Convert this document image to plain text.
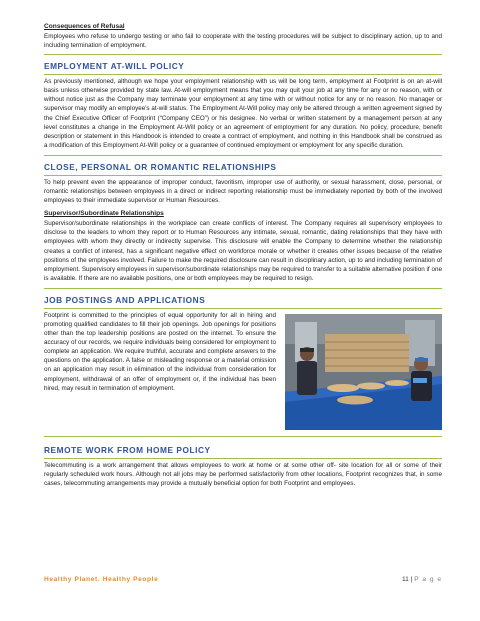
Consequences of Refusal

Employees who refuse to undergo testing or who fail to cooperate with the testing procedures will be subject to disciplinary action, up to and including termination of employment.

EMPLOYMENT AT-WILL POLICY

As previously mentioned, although we hope your employment relationship with us will be long term, employment at Footprint is on an at-will basis unless otherwise provided by state law. At-will employment means that you may quit your job at any time for any or no reason, with or without notice just as the Company may terminate your employment at any time with or without notice for any or no reason. No manager or supervisor may modify an employee's at-will status. The Employment At-Will policy may only be altered through a written agreement signed by the Chief Executive Officer of Footprint (“Company CEO”) or his designee. No verbal or written statement by a management person at any level constitutes a change in the Employment At-Will policy or an agreement of employment for any duration. No policy, procedure, benefit description or statement in this Handbook is intended to create a contract of employment, and nothing in this Handbook shall be construed as a modification of this Employment At-Will policy or a guarantee of continued employment or employment for any specific duration.

CLOSE, PERSONAL OR ROMANTIC RELATIONSHIPS

To help prevent even the appearance of improper conduct, favoritism, improper use of authority, or sexual harassment, close, personal, or romantic relationships between employees in a direct or indirect reporting relationship must be immediately reported by both of the involved employees to their immediate supervisor or Human Resources.

Supervisor/Subordinate Relationships

Supervisor/subordinate relationships in the workplace can create conflicts of interest. The Company requires all supervisory employees to disclose to the leaders to whom they report or to Human Resources any intimate, sexual, romantic, dating relationships that they have with employees with whom they directly or indirectly supervise. This disclosure will enable the Company to determine whether the relationship creates a conflict of interest, has a significant negative effect on workforce morale or whether it creates other issues because of the relative positions of the employees involved. Failure to make the required disclosure can result in disciplinary action, up to and including termination of employment. Supervisory employees in supervisor/subordinate relationships may be required to transfer to a suitable alternative position if one is available. If there are no available positions, one or both employees may be required to resign.

JOB POSTINGS AND APPLICATIONS

Footprint is committed to the principles of equal opportunity for all in hiring and promoting qualified candidates to fill their job openings. Job openings for positions other than the top leadership positions are posted on the internet. To ensure the accuracy of our records, we require individuals being considered for employment to complete an application. We require truthful, accurate and complete answers to the questions on the application. A false or misleading response or a material omission on an application may result in elimination of the individual from consideration for employment, withdrawal of an offer of employment or, if the individual has been hired, may result in termination of employment.

REMOTE WORK FROM HOME POLICY

Telecommuting is a work arrangement that allows employees to work at home or at some other off- site location for all or some of their regularly scheduled work hours. Although not all jobs may be performed satisfactorily from other locations, Footprint recognizes that, in some cases, telecommuting arrangements may provide a mutually beneficial option for both Footprint and employees.

Healthy Planet. Healthy People	11 | P a g e
